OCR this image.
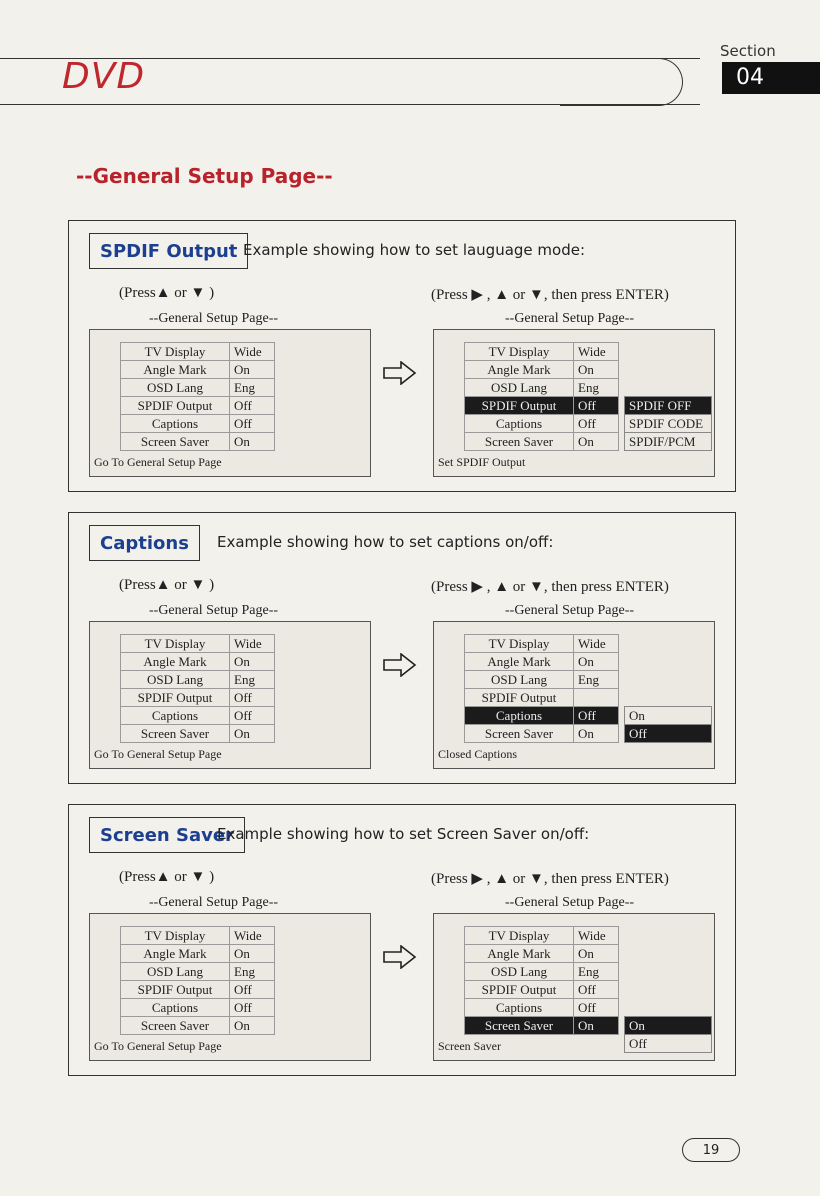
DVD
Section
04
--General Setup Page--
SPDIF Output Example showing how to set lauguage mode:
(Press▲ or ▼ )
--General Setup Page--
TV Display	Wide
Angle Mark	On
OSD Lang	Eng
SPDIF Output	Off
Captions	Off
Screen Saver	On
Go To General Setup Page
(Press ▶ , ▲ or ▼, then press ENTER)
--General Setup Page--
TV Display	Wide
Angle Mark	On
OSD Lang	Eng
SPDIF Output	Off
Captions	Off
Screen Saver	On
SPDIF OFF
SPDIF CODE
SPDIF/PCM
Set SPDIF Output
Captions	Example showing how to set captions on/off:
(Press▲ or ▼ )
--General Setup Page--
TV Display	Wide
Angle Mark	On
OSD Lang	Eng
SPDIF Output	Off
Captions	Off
Screen Saver	On
Go To General Setup Page
(Press ▶ , ▲ or ▼, then press ENTER)
--General Setup Page--
TV Display	Wide
Angle Mark	On
OSD Lang	Eng
SPDIF Output	
Captions	Off
Screen Saver	On
On
Off
Closed Captions
Screen Saver
Example showing how to set Screen Saver on/off:
(Press▲ or ▼ )
--General Setup Page--
TV Display	Wide
Angle Mark	On
OSD Lang	Eng
SPDIF Output	Off
Captions	Off
Screen Saver	On
Go To General Setup Page
(Press ▶ , ▲ or ▼, then press ENTER)
--General Setup Page--
TV Display	Wide
Angle Mark	On
OSD Lang	Eng
SPDIF Output	Off
Captions	Off
Screen Saver	On	On
Off
Screen Saver
19
